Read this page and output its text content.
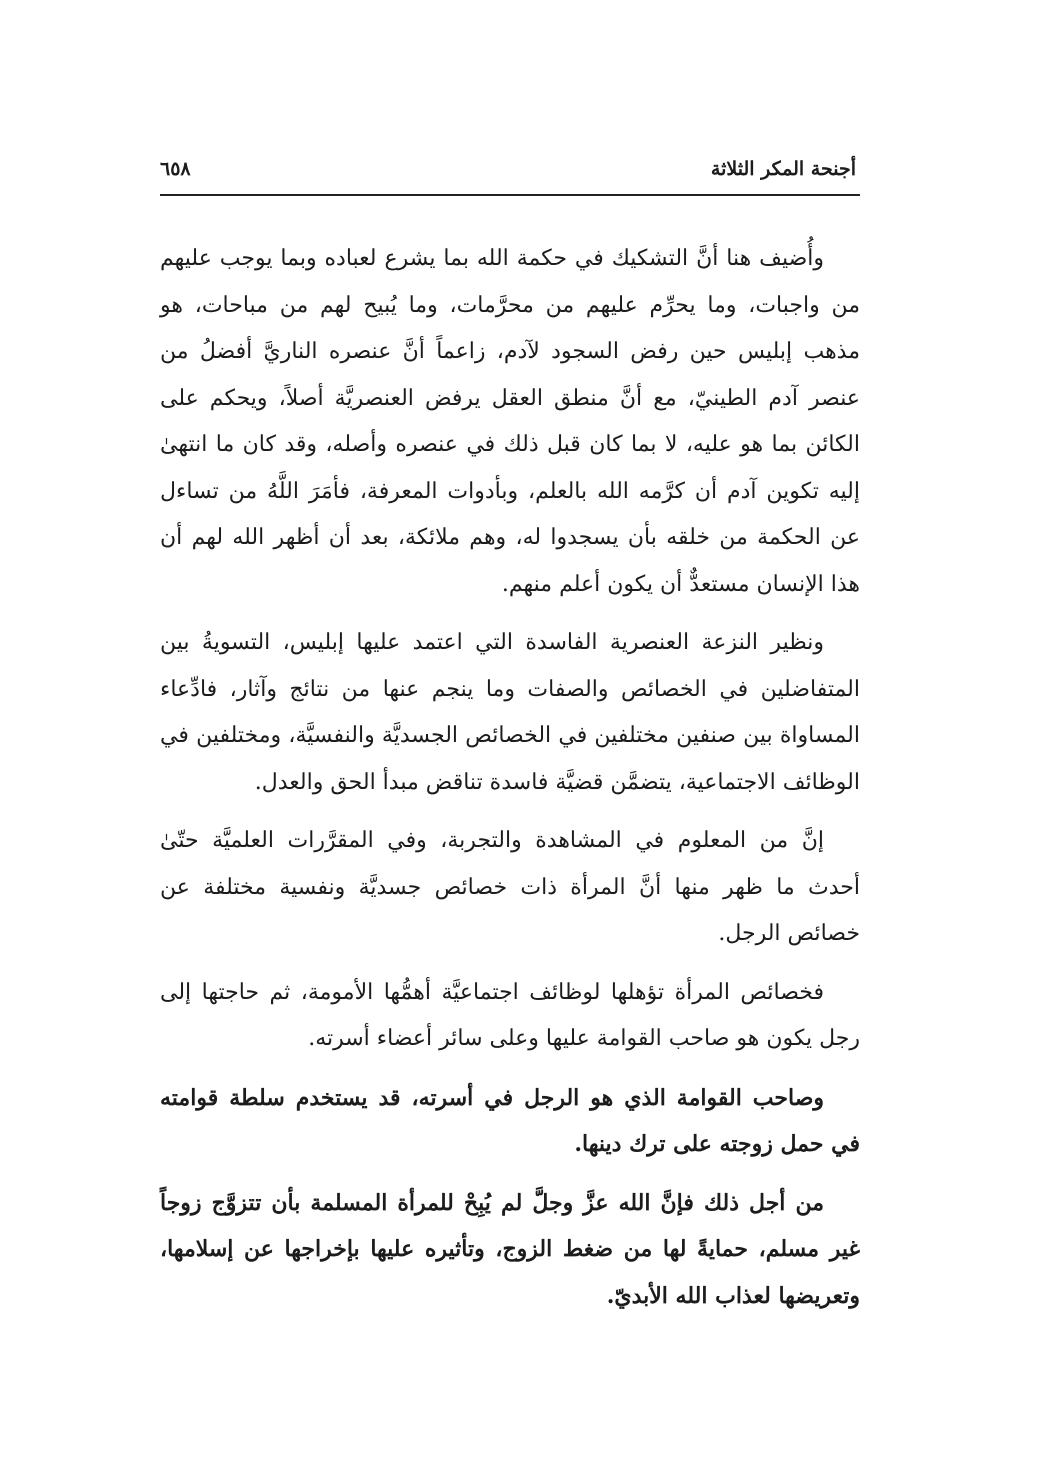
أجنحة المكر الثلاثة
٦٥٨

وأُضيف هنا أنَّ التشكيك في حكمة الله بما يشرع لعباده وبما يوجب عليهم من واجبات، وما يحرِّم عليهم من محرَّمات، وما يُبيح لهم من مباحات، هو مذهب إبليس حين رفض السجود لآدم، زاعماً أنَّ عنصره الناريَّ أفضلُ من عنصر آدم الطينيّ، مع أنَّ منطق العقل يرفض العنصريَّة أصلاً، ويحكم على الكائن بما هو عليه، لا بما كان قبل ذلك في عنصره وأصله، وقد كان ما انتهىٰ إليه تكوين آدم أن كرَّمه الله بالعلم، وبأدوات المعرفة، فأمَرَ اللَّهُ من تساءل عن الحكمة من خلقه بأن يسجدوا له، وهم ملائكة، بعد أن أظهر الله لهم أن هذا الإنسان مستعدٌّ أن يكون أعلم منهم.

ونظير النزعة العنصرية الفاسدة التي اعتمد عليها إبليس، التسويةُ بين المتفاضلين في الخصائص والصفات وما ينجم عنها من نتائج وآثار، فادِّعاء المساواة بين صنفين مختلفين في الخصائص الجسديَّة والنفسيَّة، ومختلفين في الوظائف الاجتماعية، يتضمَّن قضيَّة فاسدة تناقض مبدأ الحق والعدل.

إنَّ من المعلوم في المشاهدة والتجربة، وفي المقرَّرات العلميَّة حتّىٰ أحدث ما ظهر منها أنَّ المرأة ذات خصائص جسديَّة ونفسية مختلفة عن خصائص الرجل.

فخصائص المرأة تؤهلها لوظائف اجتماعيَّة أهمُّها الأمومة، ثم حاجتها إلى رجل يكون هو صاحب القوامة عليها وعلى سائر أعضاء أسرته.

وصاحب القوامة الذي هو الرجل في أسرته، قد يستخدم سلطة قوامته في حمل زوجته على ترك دينها.

من أجل ذلك فإنَّ الله عزَّ وجلَّ لم يُبِحْ للمرأة المسلمة بأن تتزوَّج زوجاً غير مسلم، حمايةً لها من ضغط الزوج، وتأثيره عليها بإخراجها عن إسلامها، وتعريضها لعذاب الله الأبديّ.
